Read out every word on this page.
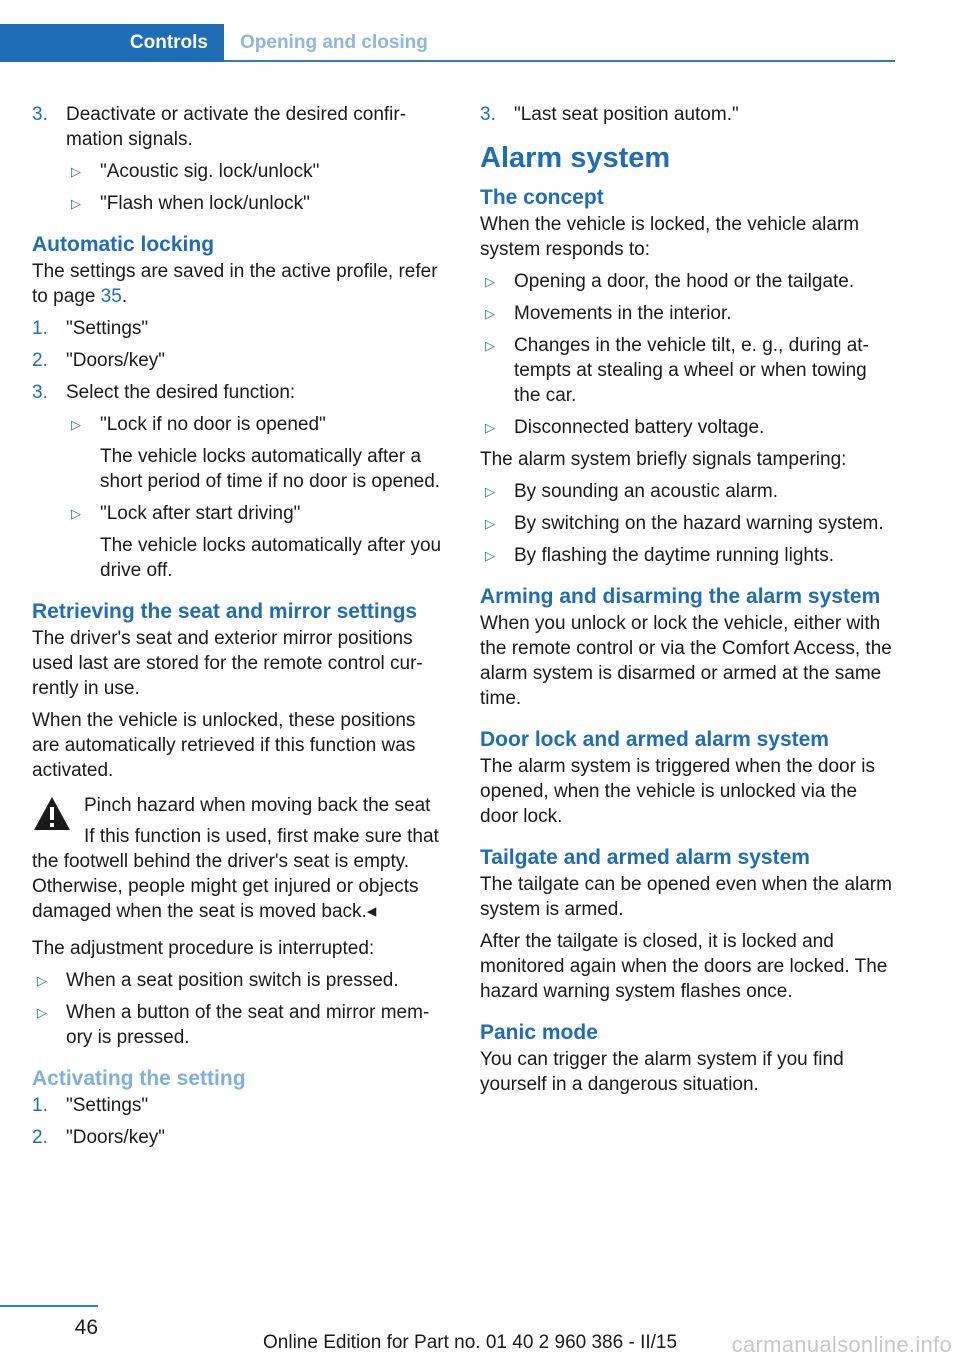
Controls	Opening and closing
3. Deactivate or activate the desired confirmation signals.
▷ "Acoustic sig. lock/unlock"
▷ "Flash when lock/unlock"
Automatic locking

The settings are saved in the active profile, refer to page 35.

1. "Settings"
2. "Doors/key"
3. Select the desired function:
▷ "Lock if no door is opened"
The vehicle locks automatically after a short period of time if no door is opened.
▷ "Lock after start driving"
The vehicle locks automatically after you drive off.
Retrieving the seat and mirror settings

The driver's seat and exterior mirror positions used last are stored for the remote control currently in use.

When the vehicle is unlocked, these positions are automatically retrieved if this function was activated.

Pinch hazard when moving back the seat
If this function is used, first make sure that the footwell behind the driver's seat is empty. Otherwise, people might get injured or objects damaged when the seat is moved back.◂

The adjustment procedure is interrupted:

▷ When a seat position switch is pressed.
▷ When a button of the seat and mirror memory is pressed.
Activating the setting
1. "Settings"
2. "Doors/key"
3. "Last seat position autom."
Alarm system
The concept

When the vehicle is locked, the vehicle alarm system responds to:

▷ Opening a door, the hood or the tailgate.
▷ Movements in the interior.
▷ Changes in the vehicle tilt, e. g., during attempts at stealing a wheel or when towing the car.
▷ Disconnected battery voltage.

The alarm system briefly signals tampering:

▷ By sounding an acoustic alarm.
▷ By switching on the hazard warning system.
▷ By flashing the daytime running lights.
Arming and disarming the alarm system

When you unlock or lock the vehicle, either with the remote control or via the Comfort Access, the alarm system is disarmed or armed at the same time.

Door lock and armed alarm system

The alarm system is triggered when the door is opened, when the vehicle is unlocked via the door lock.

Tailgate and armed alarm system

The tailgate can be opened even when the alarm system is armed.

After the tailgate is closed, it is locked and monitored again when the doors are locked. The hazard warning system flashes once.

Panic mode

You can trigger the alarm system if you find yourself in a dangerous situation.

46
Online Edition for Part no. 01 40 2 960 386 - II/15 carmanualsonline.info
